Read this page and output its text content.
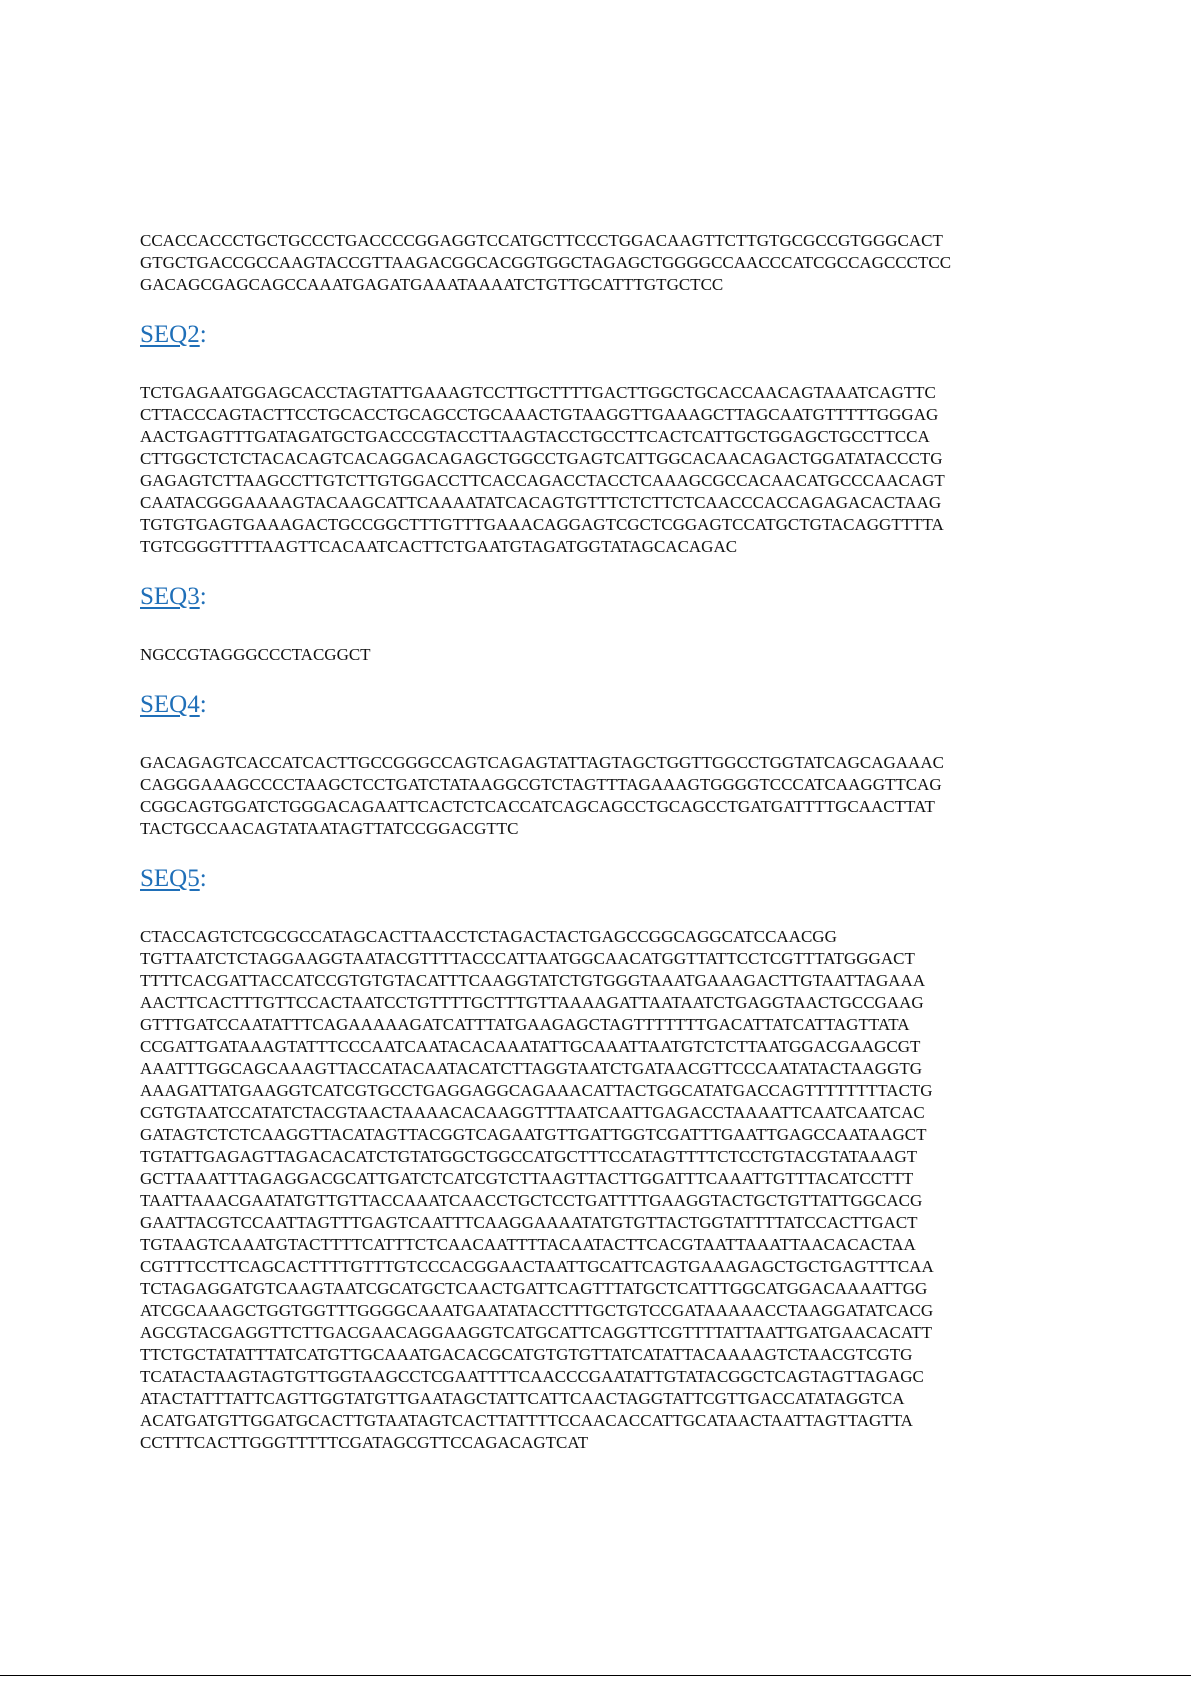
CCACCACCCTGCTGCCCTGACCCCGGAGGTCCATGCTTCCCTGGACAAGTTCTTGTGCGCCGTGGGCACT
GTGCTGACCGCCAAGTACCGTTAAGACGGCACGGTGGCTAGAGCTGGGGCCAACCCATCGCCAGCCCTCC
GACAGCGAGCAGCCAAATGAGATGAAATAAAATCTGTTGCATTTGTGCTCC
SEQ2:
TCTGAGAATGGAGCACCTAGTATTGAAAGTCCTTGCTTTTGACTTGGCTGCACCAACAGTAAATCAGTTC
CTTACCCAGTACTTCCTGCACCTGCAGCCTGCAAACTGTAAGGTTGAAAGCTTAGCAATGTTTTTGGGAG
AACTGAGTTTGATAGATGCTGACCCGTACCTTAAGTACCTGCCTTCACTCATTGCTGGAGCTGCCTTCCA
CTTGGCTCTCTACACAGTCACAGGACAGAGCTGGCCTGAGTCATTGGCACAACAGACTGGATATACCCTG
GAGAGTCTTAAGCCTTGTCTTGTGGACCTTCACCAGACCTACCTCAAAGCGCCACAACATGCCCAACAGT
CAATACGGGAAAAGTACAAGCATTCAAAATATCACAGTGTTTCTCTTCTCAACCCACCAGAGACACTAAG
TGTGTGAGTGAAAGACTGCCGGCTTTGTTTGAAACAGGAGTCGCTCGGAGTCCATGCTGTACAGGTTTTA
TGTCGGGTTTTAAGTTCACAATCACTTCTGAATGTAGATGGTATAGCACAGAC
SEQ3:
NGCCGTAGGGCCCTACGGCT
SEQ4:
GACAGAGTCACCATCACTTGCCGGGCCAGTCAGAGTATTAGTAGCTGGTTGGCCTGGTATCAGCAGAAAC
CAGGGAAAGCCCCTAAGCTCCTGATCTATAAGGCGTCTAGTTTAGAAAGTGGGGTCCCATCAAGGTTCAG
CGGCAGTGGATCTGGGACAGAATTCACTCTCACCATCAGCAGCCTGCAGCCTGATGATTTTGCAACTTAT
TACTGCCAACAGTATAATAGTTATCCGGACGTTC
SEQ5:
CTACCAGTCTCGCGCCATAGCACTTAACCTCTAGACTACTGAGCCGGCAGGCATCCAACGG
TGTTAATCTCTAGGAAGGTAATACGTTTTACCCATTAATGGCAACATGGTTATTCCTCGTTTATGGGACT
TTTTCACGATTACCATCCGTGTGTACATTTCAAGGTATCTGTGGGTAAATGAAAGACTTGTAATTAGAAA
AACTTCACTTTGTTCCACTAATCCTGTTTTGCTTTGTTAAAAGATTAATAATCTGAGGTAACTGCCGAAG
GTTTGATCCAATATTTCAGAAAAAGATCATTTATGAAGAGCTAGTTTTTTTGACATTATCATTAGTTATA
CCGATTGATAAAGTATTTCCCAATCAATACACAAATATTGCAAATTAATGTCTCTTAATGGACGAAGCGT
AAATTTGGCAGCAAAGTTACCATACAATACATCTTAGGTAATCTGATAACGTTCCCAATATACTAAGGTG
AAAGATTATGAAGGTCATCGTGCCTGAGGAGGCAGAAACATTACTGGCATATGACCAGTTTTTTTTACTG
CGTGTAATCCATATCTACGTAACTAAAACACAAGGTTTAATCAATTGAGACCTAAAATTCAATCAATCAC
GATAGTCTCTCAAGGTTACATAGTTACGGTCAGAATGTTGATTGGTCGATTTGAATTGAGCCAATAAGCT
TGTATTGAGAGTTAGACACATCTGTATGGCTGGCCATGCTTTCCATAGTTTTCTCCTGTACGTATAAAGT
GCTTAAATTTAGAGGACGCATTGATCTCATCGTCTTAAGTTACTTGGATTTCAAATTGTTTACATCCTTT
TAATTAAACGAATATGTTGTTACCAAATCAACCTGCTCCTGATTTTGAAGGTACTGCTGTTATTGGCACG
GAATTACGTCCAATTAGTTTGAGTCAATTTCAAGGAAAATATGTGTTACTGGTATTTTATCCACTTGACT
TGTAAGTCAAATGTACTTTTCATTTCTCAACAATTTTACAATACTTCACGTAATTAAATTAACACACTAA
CGTTTCCTTCAGCACTTTTGTTTGTCCCACGGAACTAATTGCATTCAGTGAAAGAGCTGCTGAGTTTCAA
TCTAGAGGATGTCAAGTAATCGCATGCTCAACTGATTCAGTTTATGCTCATTTGGCATGGACAAAATTGG
ATCGCAAAGCTGGTGGTTTGGGGCAAATGAATATACCTTTGCTGTCCGATAAAAACCTAAGGATATCACG
AGCGTACGAGGTTCTTGACGAACAGGAAGGTCATGCATTCAGGTTCGTTTTATTAATTGATGAACACATT
TTCTGCTATATTTATCATGTTGCAAATGACACGCATGTGTGTTATCATATTACAAAAGTCTAACGTCGTG
TCATACTAAGTAGTGTTGGTAAGCCTCGAATTTTCAACCCGAATATTGTATACGGCTCAGTAGTTAGAGC
ATACTATTTATTCAGTTGGTATGTTGAATAGCTATTCATTCAACTAGGTATTCGTTGACCATATAGGTCA
ACATGATGTTGGATGCACTTGTAATAGTCACTTATTTTCCAACACCATTGCATAACTAATTAGTTAGTTA
CCTTTCACTTGGGTTTTTCGATAGCGTTCCAGACAGTCAT
